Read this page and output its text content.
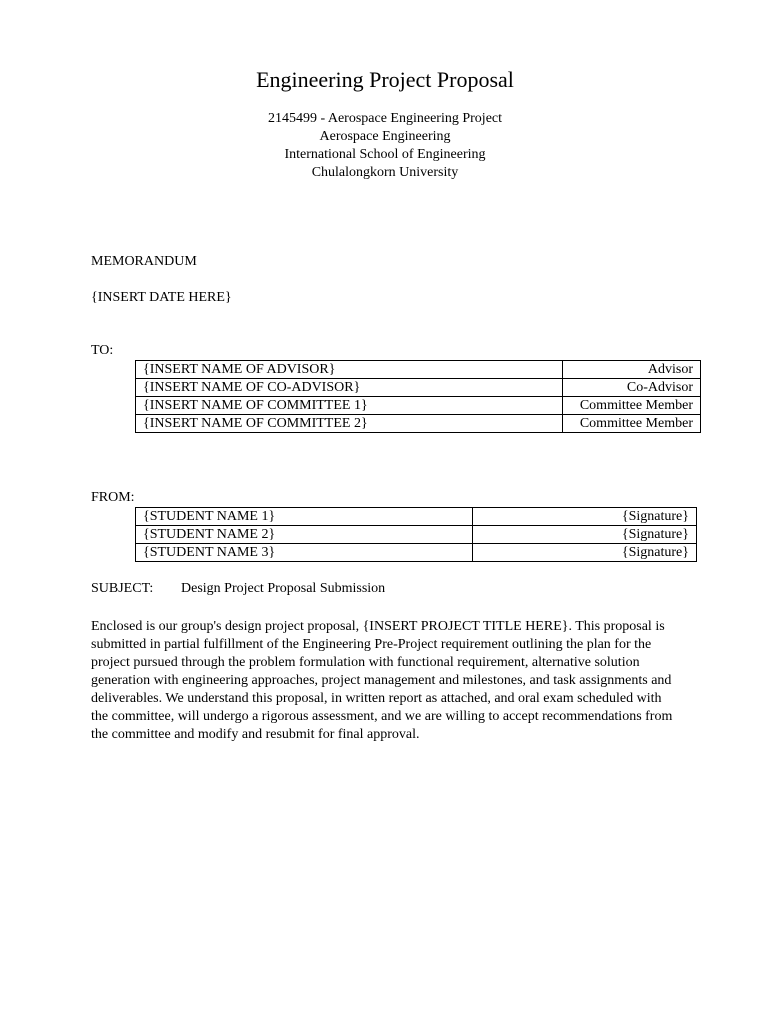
Engineering Project Proposal
2145499 - Aerospace Engineering Project
Aerospace Engineering
International School of Engineering
Chulalongkorn University
MEMORANDUM
{INSERT DATE HERE}
TO:
{INSERT NAME OF ADVISOR}	Advisor
{INSERT NAME OF CO-ADVISOR}	Co-Advisor
{INSERT NAME OF COMMITTEE 1}	Committee Member
{INSERT NAME OF COMMITTEE 2}	Committee Member
FROM:
{STUDENT NAME 1}	{Signature}
{STUDENT NAME 2}	{Signature}
{STUDENT NAME 3}	{Signature}
SUBJECT: Design Project Proposal Submission
Enclosed is our group's design project proposal, {INSERT PROJECT TITLE HERE}. This proposal is submitted in partial fulfillment of the Engineering Pre-Project requirement outlining the plan for the project pursued through the problem formulation with functional requirement, alternative solution generation with engineering approaches, project management and milestones, and task assignments and deliverables. We understand this proposal, in written report as attached, and oral exam scheduled with the committee, will undergo a rigorous assessment, and we are willing to accept recommendations from the committee and modify and resubmit for final approval.
